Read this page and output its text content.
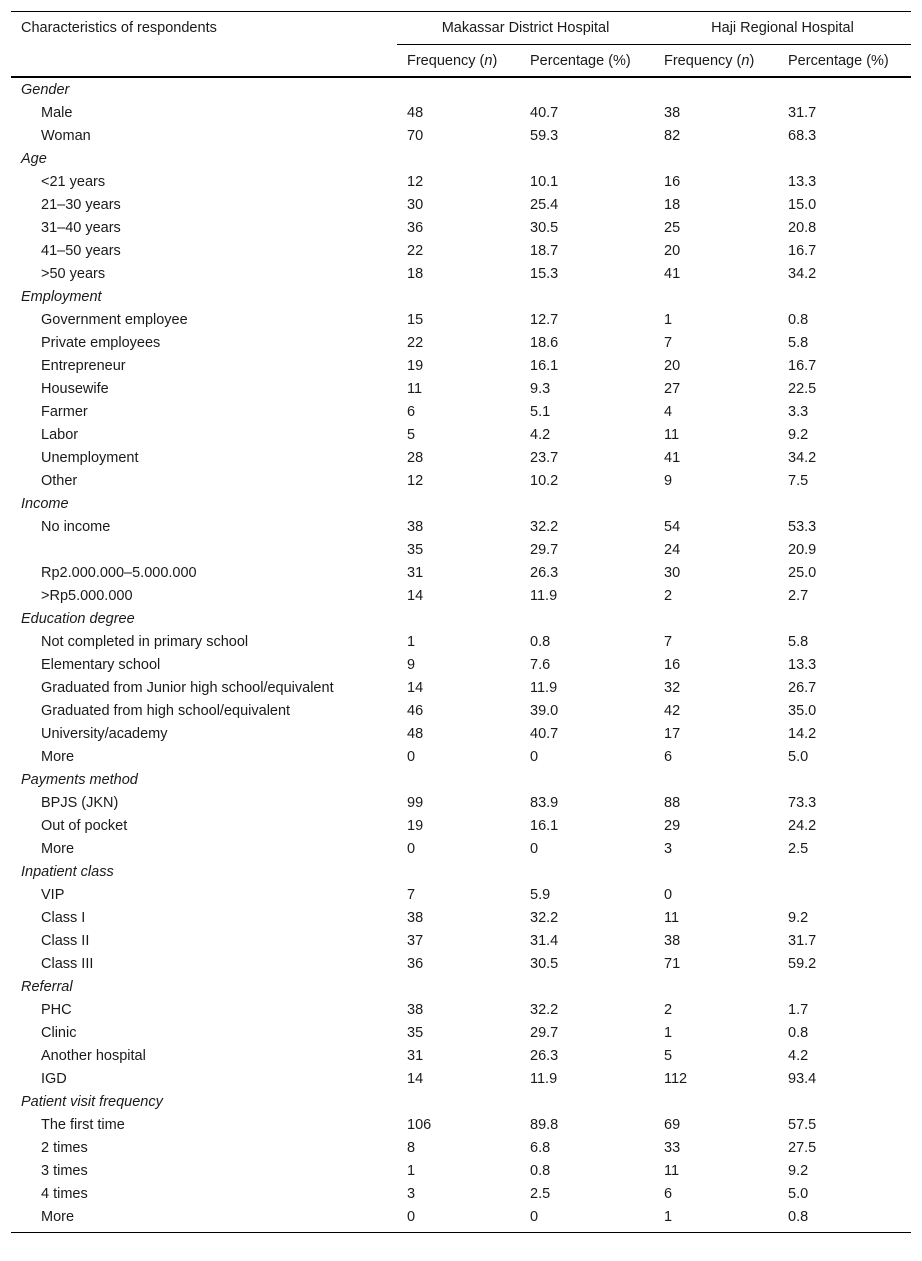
Characteristics of respondents	Makassar District Hospital		Haji Regional Hospital	
	Frequency (n)	Percentage (%)	Frequency (n)	Percentage (%)
Gender				
Male	48	40.7	38	31.7
Woman	70	59.3	82	68.3
Age				
<21 years	12	10.1	16	13.3
21–30 years	30	25.4	18	15.0
31–40 years	36	30.5	25	20.8
41–50 years	22	18.7	20	16.7
>50 years	18	15.3	41	34.2
Employment				
Government employee	15	12.7	1	0.8
Private employees	22	18.6	7	5.8
Entrepreneur	19	16.1	20	16.7
Housewife	11	9.3	27	22.5
Farmer	6	5.1	4	3.3
Labor	5	4.2	11	9.2
Unemployment	28	23.7	41	34.2
Other	12	10.2	9	7.5
Income				
No income	38	32.2	54	53.3
	35	29.7	24	20.9
Rp2.000.000–5.000.000	31	26.3	30	25.0
>Rp5.000.000	14	11.9	2	2.7
Education degree				
Not completed in primary school	1	0.8	7	5.8
Elementary school	9	7.6	16	13.3
Graduated from Junior high school/equivalent	14	11.9	32	26.7
Graduated from high school/equivalent	46	39.0	42	35.0
University/academy	48	40.7	17	14.2
More	0	0	6	5.0
Payments method				
BPJS (JKN)	99	83.9	88	73.3
Out of pocket	19	16.1	29	24.2
More	0	0	3	2.5
Inpatient class				
VIP	7	5.9	0	
Class I	38	32.2	11	9.2
Class II	37	31.4	38	31.7
Class III	36	30.5	71	59.2
Referral				
PHC	38	32.2	2	1.7
Clinic	35	29.7	1	0.8
Another hospital	31	26.3	5	4.2
IGD	14	11.9	112	93.4
Patient visit frequency				
The first time	106	89.8	69	57.5
2 times	8	6.8	33	27.5
3 times	1	0.8	11	9.2
4 times	3	2.5	6	5.0
More	0	0	1	0.8
